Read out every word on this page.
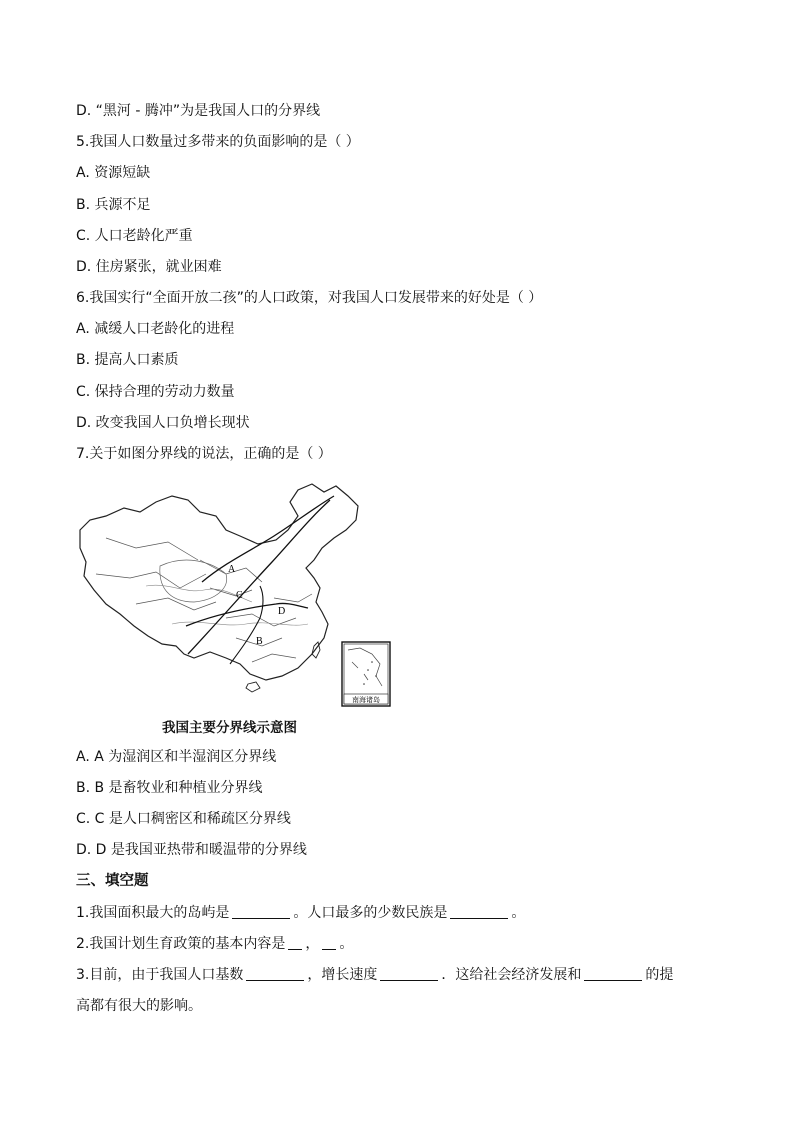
D. “黑河 - 腾冲”为是我国人口的分界线
5.我国人口数量过多带来的负面影响的是（ ）
A. 资源短缺
B. 兵源不足
C. 人口老龄化严重
D. 住房紧张，就业困难
6.我国实行“全面开放二孩”的人口政策，对我国人口发展带来的好处是（ ）
A. 减缓人口老龄化的进程
B. 提高人口素质
C. 保持合理的劳动力数量
D. 改变我国人口负增长现状
7.关于如图分界线的说法，正确的是（ ）
A
C
D
B
南海诸岛
我国主要分界线示意图
A. A 为湿润区和半湿润区分界线
B. B 是畜牧业和种植业分界线
C. C 是人口稠密区和稀疏区分界线
D. D 是我国亚热带和暖温带的分界线
三、填空题
1.我国面积最大的岛屿是	。人口最多的少数民族是	。
2.我国计划生育政策的基本内容是 ， 。
3.目前，由于我国人口基数	，增长速度	．这给社会经济发展和	的提
高都有很大的影响。
